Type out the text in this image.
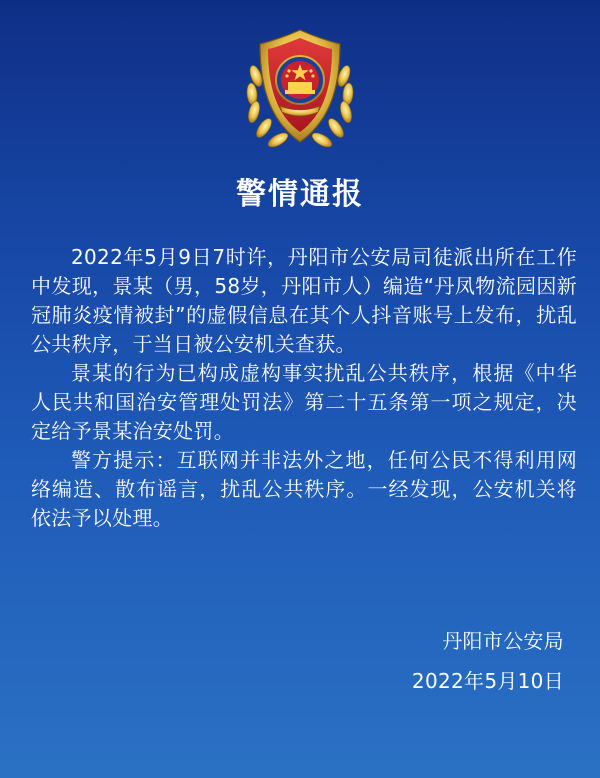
警情通报

2022年5月9日7时许，丹阳市公安局司徒派出所在工作中发现，景某（男，58岁，丹阳市人）编造“丹凤物流园因新冠肺炎疫情被封”的虚假信息在其个人抖音账号上发布，扰乱公共秩序，于当日被公安机关查获。

景某的行为已构成虚构事实扰乱公共秩序，根据《中华人民共和国治安管理处罚法》第二十五条第一项之规定，决定给予景某治安处罚。

警方提示：互联网并非法外之地，任何公民不得利用网络编造、散布谣言，扰乱公共秩序。一经发现，公安机关将依法予以处理。

丹阳市公安局
2022年5月10日
